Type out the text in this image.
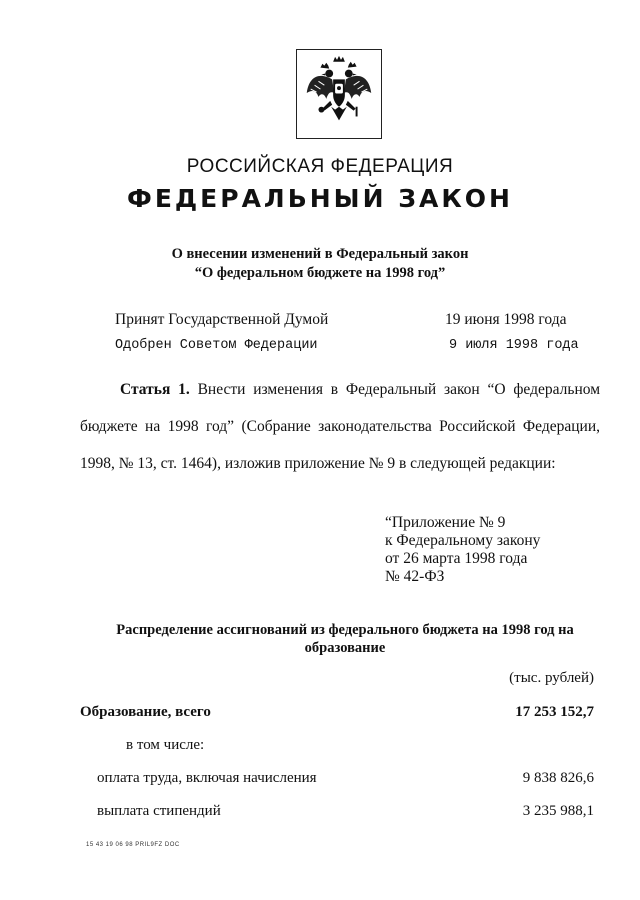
РОССИЙСКАЯ ФЕДЕРАЦИЯ
ФЕДЕРАЛЬНЫЙ ЗАКОН
О внесении изменений в Федеральный закон
“О федеральном бюджете на 1998 год”
Принят Государственной Думой	19 июня 1998 года
Одобрен Советом Федерации	9 июля 1998 года
Статья 1. Внести изменения в Федеральный закон “О федеральном бюджете на 1998 год” (Собрание законодательства Российской Федерации, 1998, № 13, ст. 1464), изложив приложение № 9 в следующей редакции:
“Приложение № 9
к Федеральному закону
от 26 марта 1998 года
№ 42-ФЗ
Распределение ассигнований из федерального бюджета на 1998 год на
образование
(тыс. рублей)
Образование, всего	17 253 152,7
в том числе:
оплата труда, включая начисления	9 838 826,6
выплата стипендий	3 235 988,1
15 43 19 06 98 PRIL9FZ DOC
